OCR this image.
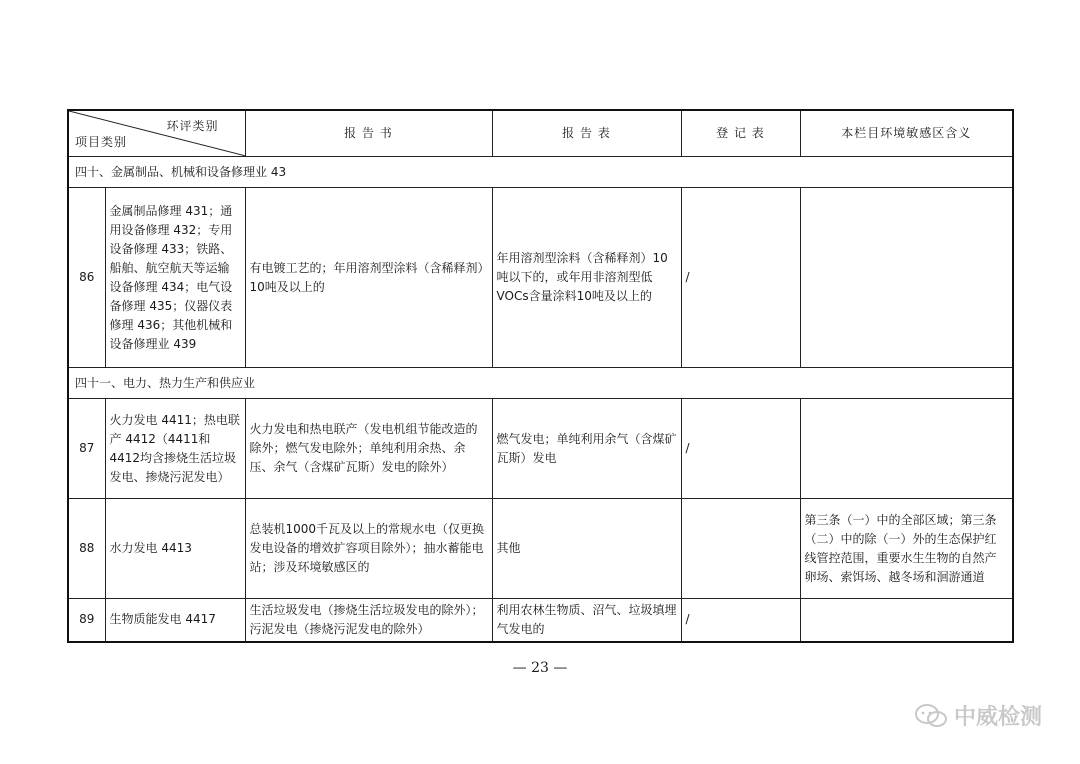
环评类别
项目类别		报 告 书	报 告 表	登 记 表	本栏目环境敏感区含义
四十、金属制品、机械和设备修理业 43					
86	金属制品修理 431；通用设备修理 432；专用设备修理 433；铁路、船舶、航空航天等运输设备修理 434；电气设备修理 435；仪器仪表修理 436；其他机械和设备修理业 439	有电镀工艺的；年用溶剂型涂料（含稀释剂）10吨及以上的	年用溶剂型涂料（含稀释剂）10吨以下的，或年用非溶剂型低VOCs含量涂料10吨及以上的	/	
四十一、电力、热力生产和供应业					
87	火力发电 4411；热电联产 4412（4411和4412均含掺烧生活垃圾发电、掺烧污泥发电）	火力发电和热电联产（发电机组节能改造的除外；燃气发电除外；单纯利用余热、余压、余气（含煤矿瓦斯）发电的除外）	燃气发电；单纯利用余气（含煤矿瓦斯）发电	/	
88	水力发电 4413	总装机1000千瓦及以上的常规水电（仅更换发电设备的增效扩容项目除外）；抽水蓄能电站；涉及环境敏感区的	其他		第三条（一）中的全部区域；第三条（二）中的除（一）外的生态保护红线管控范围，重要水生生物的自然产卵场、索饵场、越冬场和洄游通道
89	生物质能发电 4417	生活垃圾发电（掺烧生活垃圾发电的除外）；污泥发电（掺烧污泥发电的除外）	利用农林生物质、沼气、垃圾填埋气发电的	/	
— 23 —
中威检测
